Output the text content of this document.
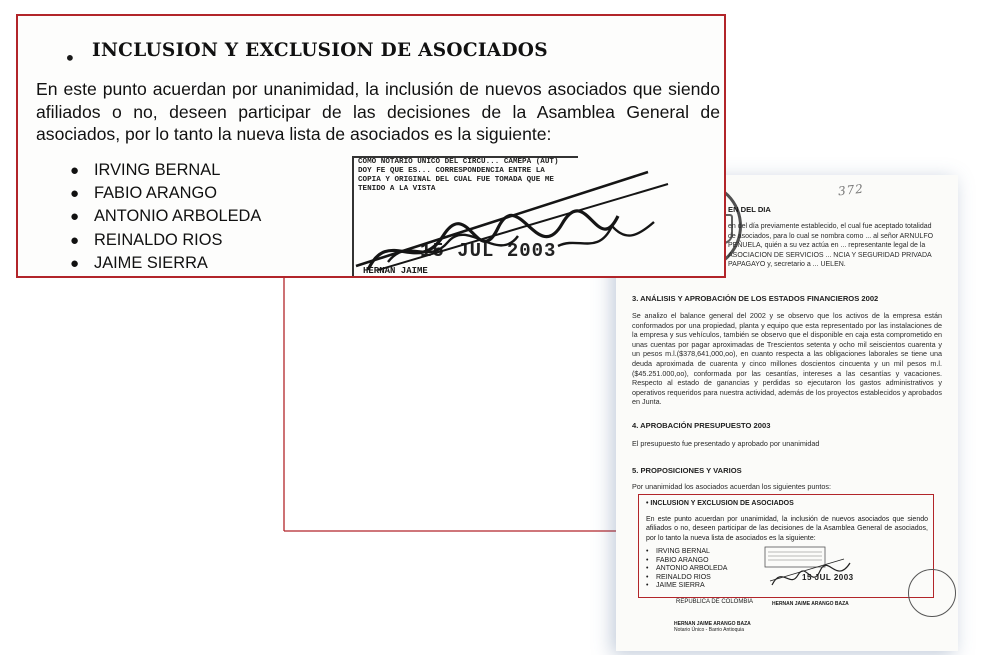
372
EN DEL DIA
en del día previamente establecido, el cual fue aceptado totalidad de asociados, para lo cual se nombra como ... al señor ARNULFO PEÑUELA, quién a su vez actúa en ... representante legal de la ASOCIACION DE SERVICIOS ... NCIA Y SEGURIDAD PRIVADA PAPAGAYO y, secretario a ... UELEN.
3. ANÁLISIS Y APROBACIÓN DE LOS ESTADOS FINANCIEROS 2002
Se analizo el balance general del 2002 y se observo que los activos de la empresa están conformados por una propiedad, planta y equipo que esta representado por las instalaciones de la empresa y sus vehículos, también se observo que el disponible en caja esta comprometido en unas cuentas por pagar aproximadas de Trescientos setenta y ocho mil seiscientos cuarenta y un pesos m.l.($378,641,000,oo), en cuanto respecta a las obligaciones laborales se tiene una deuda aproximada de cuarenta y cinco millones doscientos cincuenta y un mil pesos m.l. ($45.251.000,oo), conformada por las cesantías, intereses a las cesantías y vacaciones. Respecto al estado de ganancias y perdidas so ejecutaron los gastos administrativos y operativos requeridos para nuestra actividad, además de los proyectos establecidos y aprobados en Junta.
4. APROBACIÓN PRESUPUESTO 2003
El presupuesto fue presentado y aprobado por unanimidad
5. PROPOSICIONES Y VARIOS
Por unanimidad los asociados acuerdan los siguientes puntos:
• INCLUSION Y EXCLUSION DE ASOCIADOS
En este punto acuerdan por unanimidad, la inclusión de nuevos asociados que siendo afiliados o no, deseen participar de las decisiones de la Asamblea General de asociados, por lo tanto la nueva lista de asociados es la siguiente:
• IRVING BERNAL
• FABIO ARANGO
• ANTONIO ARBOLEDA
• REINALDO RIOS
• JAIME SIERRA
15 JUL 2003
REPUBLICA DE COLOMBIA
HERNAN JAIME ARANGO BAZA
Notario Único - Barrio Antioquia
HERNAN JAIME ARANGO BAZA
• INCLUSION Y EXCLUSION DE ASOCIADOS
En este punto acuerdan por unanimidad, la inclusión de nuevos asociados que siendo afiliados o no, deseen participar de las decisiones de la Asamblea General de asociados, por lo tanto la nueva lista de asociados es la siguiente:
● IRVING BERNAL
● FABIO ARANGO
● ANTONIO ARBOLEDA
● REINALDO RIOS
● JAIME SIERRA
COMO NOTARIO UNICO DEL CIRCU... CAMEPA (AUT) DOY FE QUE ES... CORRESPONDENCIA ENTRE LA COPIA Y ORIGINAL DEL CUAL FUE TOMADA QUE ME TENIDO A LA VISTA
15 JUL 2003
HERNAN JAIME
